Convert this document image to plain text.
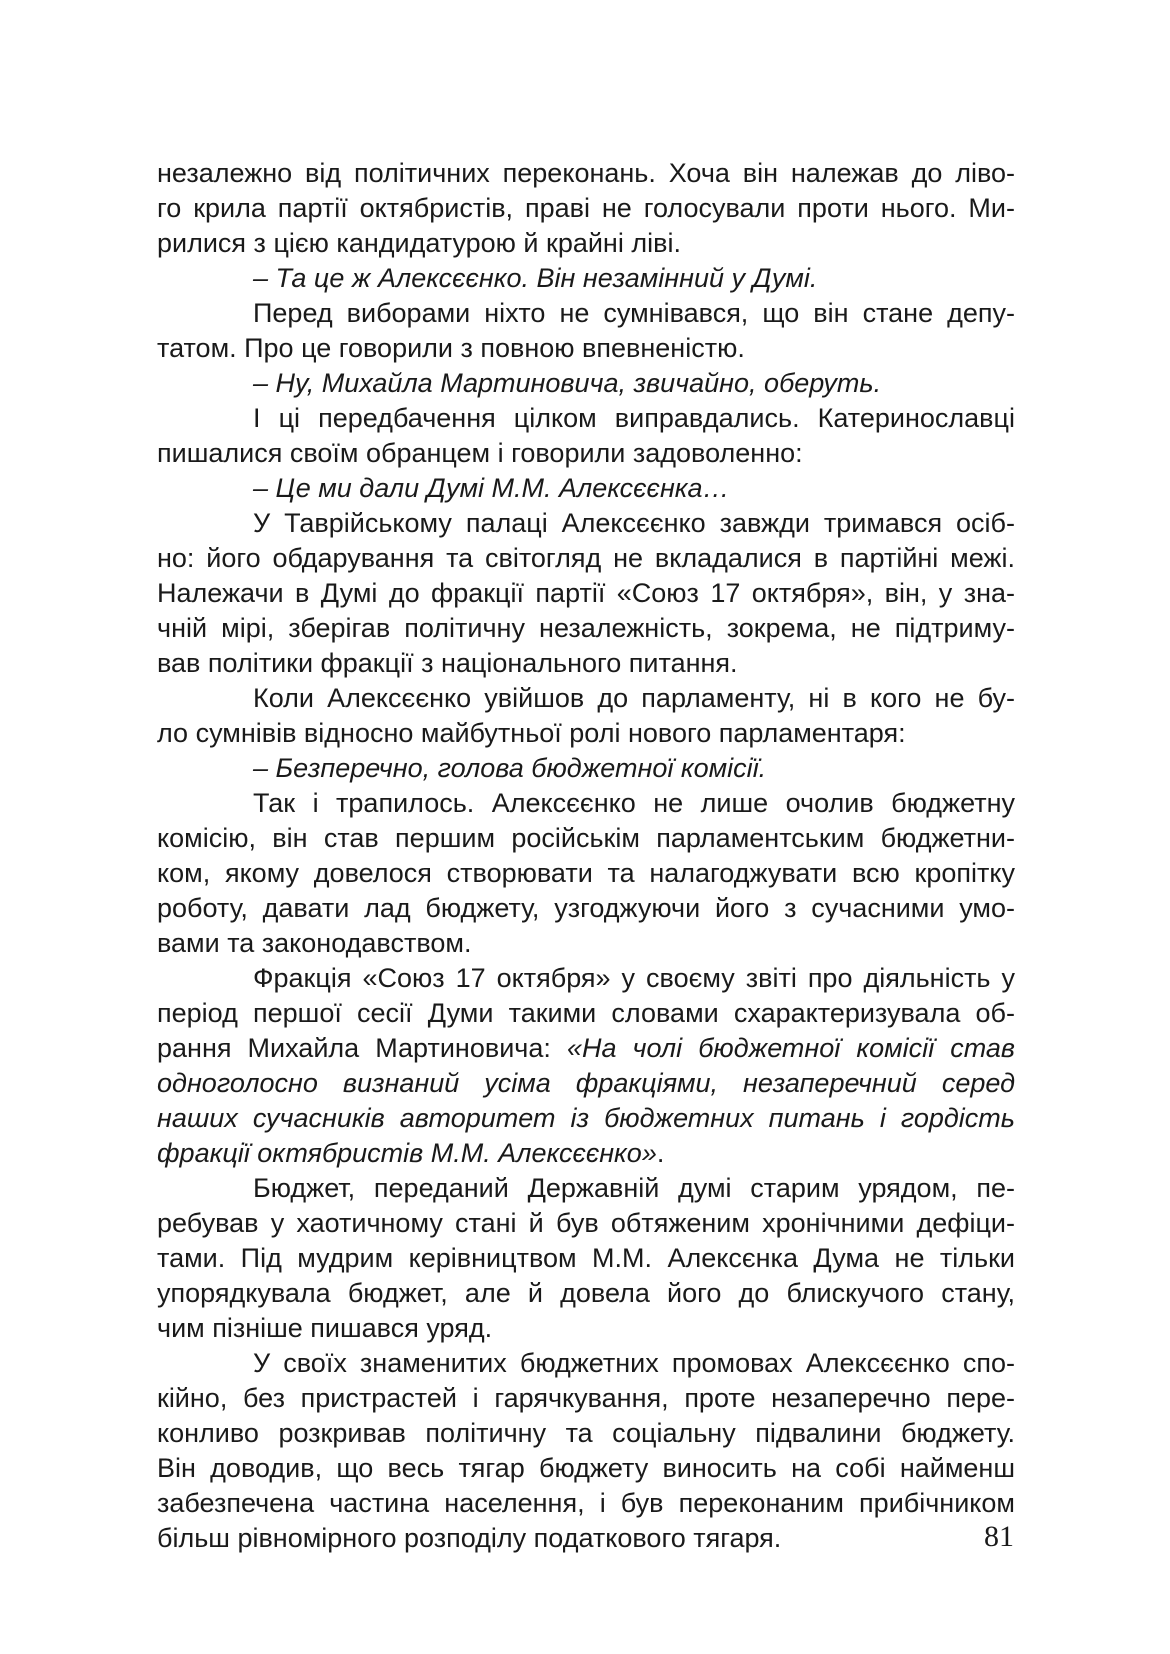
незалежно від політичних переконань. Хоча він належав до ліво-
го крила партії октябристів, праві не голосували проти нього. Ми-
рилися з цією кандидатурою й крайні ліві.
– Та це ж Алексєєнко. Він незамінний у Думі.
Перед виборами ніхто не сумнівався, що він стане депу-
татом. Про це говорили з повною впевненістю.
– Ну, Михайла Мартиновича, звичайно, оберуть.
І ці передбачення цілком виправдались. Катеринославці
пишалися своїм обранцем і говорили задоволенно:
– Це ми дали Думі М.М. Алексєєнка…
У Таврійському палаці Алексєєнко завжди тримався осіб-
но: його обдарування та світогляд не вкладалися в партійні межі.
Належачи в Думі до фракції партії «Союз 17 октября», він, у зна-
чній мірі, зберігав політичну незалежність, зокрема, не підтриму-
вав політики фракції з національного питання.
Коли Алексєєнко увійшов до парламенту, ні в кого не бу-
ло сумнівів відносно майбутньої ролі нового парламентаря:
– Безперечно, голова бюджетної комісії.
Так і трапилось. Алексєєнко не лише очолив бюджетну
комісію, він став першим російськім парламентським бюджетни-
ком, якому довелося створювати та налагоджувати всю кропітку
роботу, давати лад бюджету, узгоджуючи його з сучасними умо-
вами та законодавством.
Фракція «Союз 17 октября» у своєму звіті про діяльність у
період першої сесії Думи такими словами схарактеризувала об-
рання Михайла Мартиновича: «На чолі бюджетної комісії став
одноголосно визнаний усіма фракціями, незаперечний серед
наших сучасників авторитет із бюджетних питань і гордість
фракції октябристів М.М. Алексєєнко».
Бюджет, переданий Державній думі старим урядом, пе-
ребував у хаотичному стані й був обтяженим хронічними дефіци-
тами. Під мудрим керівництвом М.М. Алексєнка Дума не тільки
упорядкувала бюджет, але й довела його до блискучого стану,
чим пізніше пишався уряд.
У своїх знаменитих бюджетних промовах Алексєєнко спо-
кійно, без пристрастей і гарячкування, проте незаперечно пере-
конливо розкривав політичну та соціальну підвалини бюджету.
Він доводив, що весь тягар бюджету виносить на собі найменш
забезпечена частина населення, і був переконаним прибічником
більш рівномірного розподілу податкового тягаря.	81
